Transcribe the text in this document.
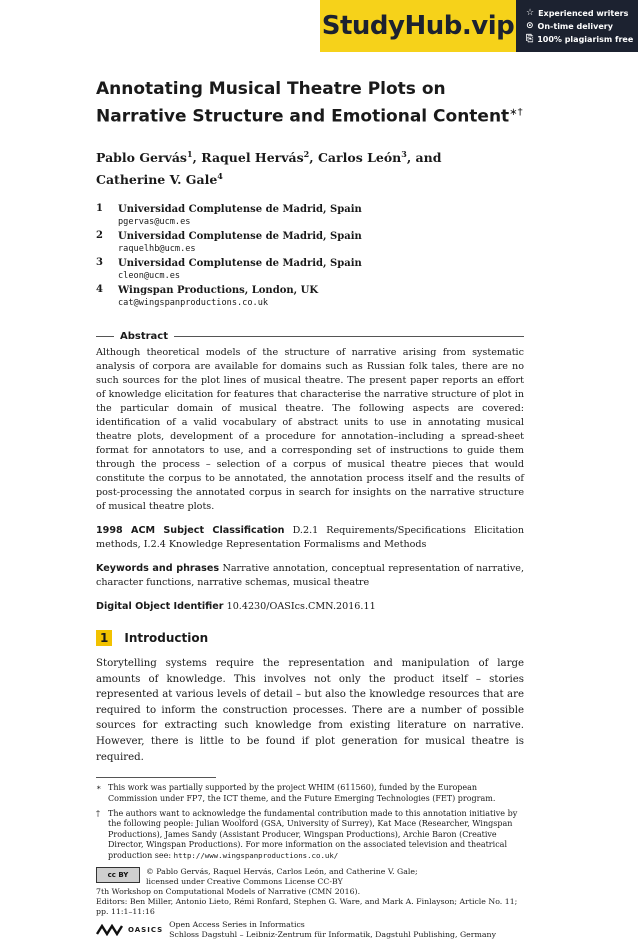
StudyHub.vip ☆ Experienced writers
⊙ On-time delivery
⎘ 100% plagiarism free
Annotating Musical Theatre Plots on Narrative Structure and Emotional Content∗†
Pablo Gervás$^1$, Raquel Hervás$^2$, Carlos León$^3$, and
Catherine V. Gale$^4$
1	Universidad Complutense de Madrid, Spain
pgervas@ucm.es
2	Universidad Complutense de Madrid, Spain
raquelhb@ucm.es
3	Universidad Complutense de Madrid, Spain
cleon@ucm.es
4	Wingspan Productions, London, UK
cat@wingspanproductions.co.uk
Abstract

Although theoretical models of the structure of narrative arising from systematic analysis of corpora are available for domains such as Russian folk tales, there are no such sources for the plot lines of musical theatre. The present paper reports an effort of knowledge elicitation for features that characterise the narrative structure of plot in the particular domain of musical theatre. The following aspects are covered: identification of a valid vocabulary of abstract units to use in annotating musical theatre plots, development of a procedure for annotation–including a spread-sheet format for annotators to use, and a corresponding set of instructions to guide them through the process – selection of a corpus of musical theatre pieces that would constitute the corpus to be annotated, the annotation process itself and the results of post-processing the annotated corpus in search for insights on the narrative structure of musical theatre plots.

1998 ACM Subject Classification D.2.1 Requirements/Specifications Elicitation methods, I.2.4 Knowledge Representation Formalisms and Methods

Keywords and phrases Narrative annotation, conceptual representation of narrative, character functions, narrative schemas, musical theatre

Digital Object Identifier 10.4230/OASIcs.CMN.2016.11

1	Introduction

Storytelling systems require the representation and manipulation of large amounts of knowledge. This involves not only the product itself – stories represented at various levels of detail – but also the knowledge resources that are required to inform the construction processes. There are a number of possible sources for extracting such knowledge from existing literature on narrative. However, there is little to be found if plot generation for musical theatre is required.

∗ This work was partially supported by the project WHIM (611560), funded by the European Commission under FP7, the ICT theme, and the Future Emerging Technologies (FET) program.
†	The authors want to acknowledge the fundamental contribution made to this annotation initiative by the following people: Julian Woolford (GSA, University of Surrey), Kat Mace (Researcher, Wingspan Productions), James Sandy (Assistant Producer, Wingspan Productions), Archie Baron (Creative Director, Wingspan Productions). For more information on the associated television and theatrical production see: http://www.wingspanproductions.co.uk/
cc BY	© Pablo Gervás, Raquel Hervás, Carlos León, and Catherine V. Gale;
licensed under Creative Commons License CC-BY
7th Workshop on Computational Models of Narrative (CMN 2016).
Editors: Ben Miller, Antonio Lieto, Rémi Ronfard, Stephen G. Ware, and Mark A. Finlayson; Article No. 11; pp. 11:1–11:16
OASICS
Open Access Series in Informatics
Schloss Dagstuhl – Leibniz-Zentrum für Informatik, Dagstuhl Publishing, Germany
